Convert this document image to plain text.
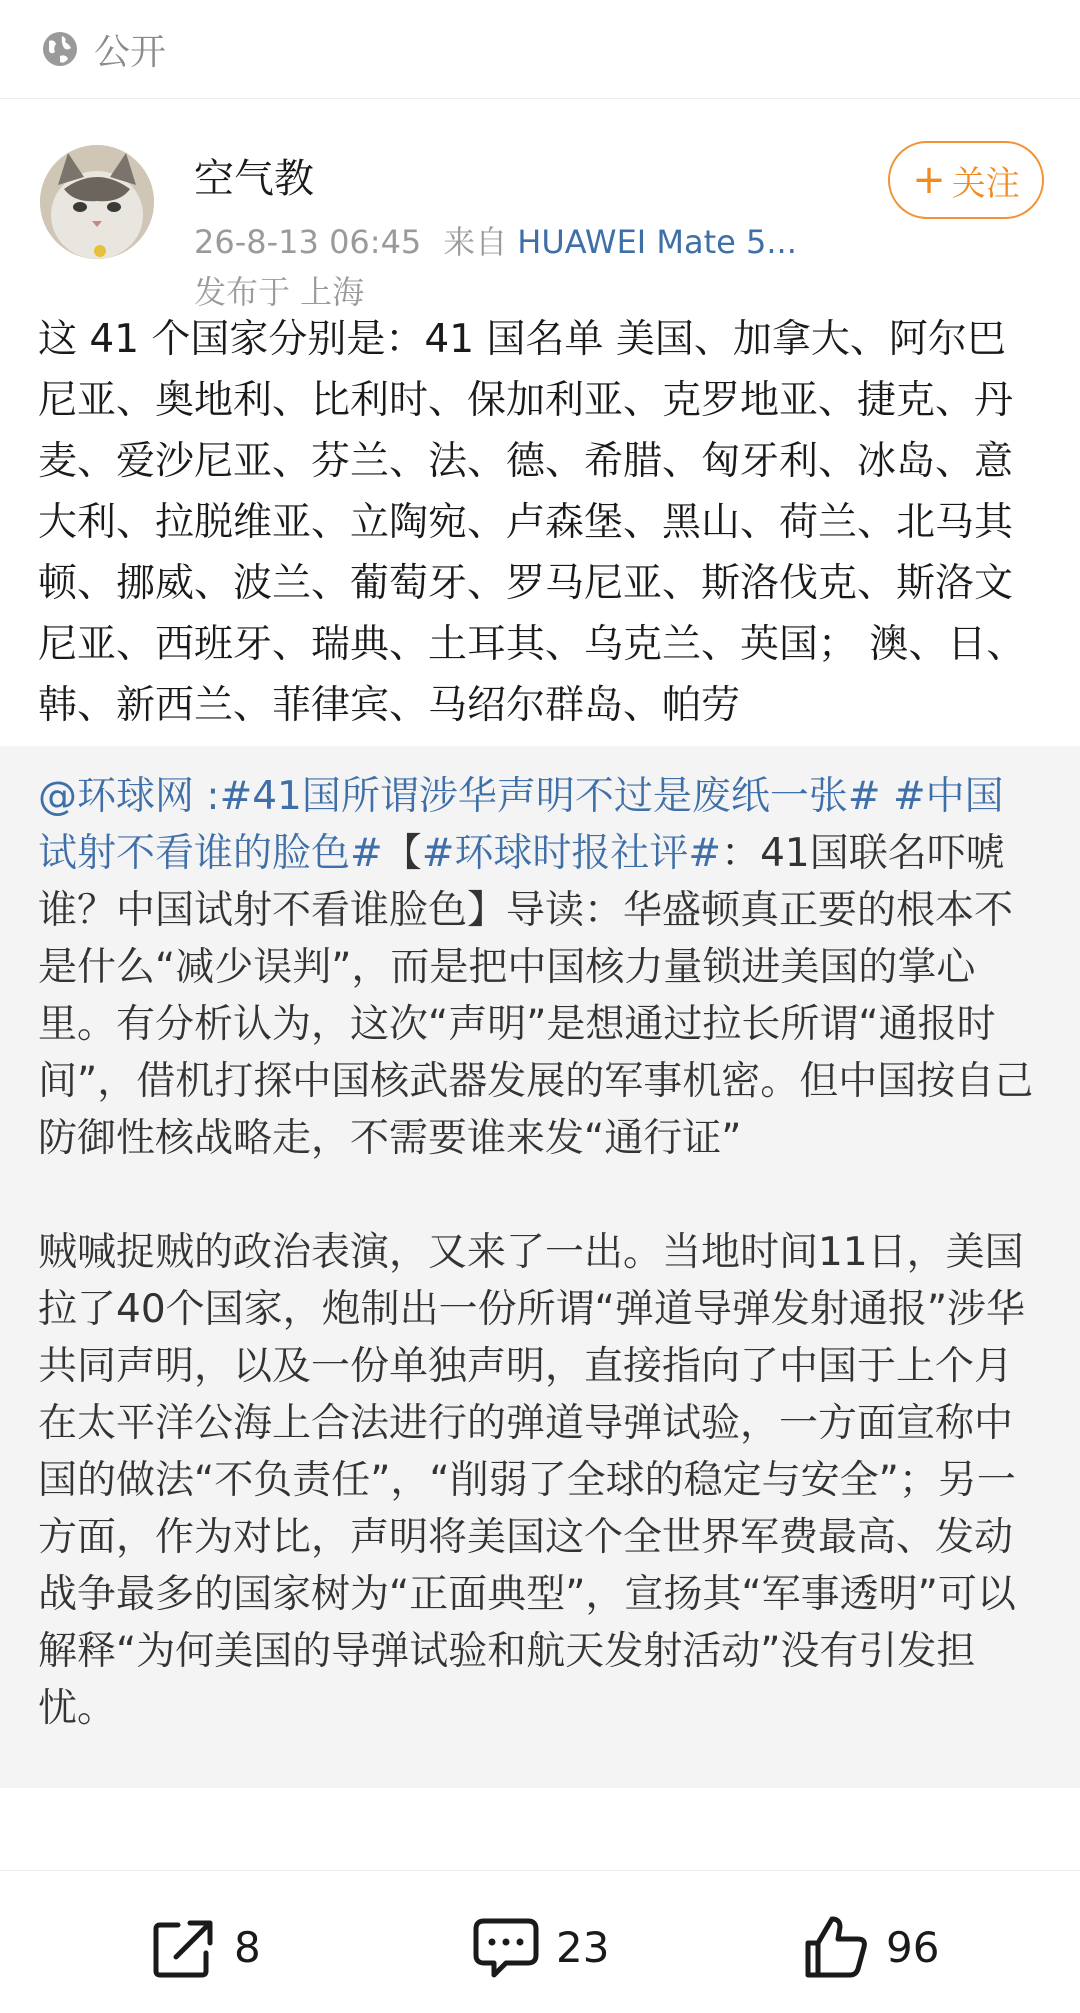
公开
空气教
26-8-13 06:45 来自 HUAWEI Mate 5...
发布于 上海
+ 关注
这 41 个国家分别是：41 国名单 美国、加拿大、阿尔巴尼亚、奥地利、比利时、保加利亚、克罗地亚、捷克、丹麦、爱沙尼亚、芬兰、法、德、希腊、匈牙利、冰岛、意大利、拉脱维亚、立陶宛、卢森堡、黑山、荷兰、北马其顿、挪威、波兰、葡萄牙、罗马尼亚、斯洛伐克、斯洛文尼亚、西班牙、瑞典、土耳其、乌克兰、英国； 澳、日、韩、新西兰、菲律宾、马绍尔群岛、帕劳

@环球网 :#41国所谓涉华声明不过是废纸一张# #中国试射不看谁的脸色#【#环球时报社评#：41国联名吓唬谁？中国试射不看谁脸色】导读：华盛顿真正要的根本不是什么“减少误判”，而是把中国核力量锁进美国的掌心里。有分析认为，这次“声明”是想通过拉长所谓“通报时间”，借机打探中国核武器发展的军事机密。但中国按自己防御性核战略走，不需要谁来发“通行证”

贼喊捉贼的政治表演，又来了一出。当地时间11日，美国拉了40个国家，炮制出一份所谓“弹道导弹发射通报”涉华共同声明，以及一份单独声明，直接指向了中国于上个月在太平洋公海上合法进行的弹道导弹试验，一方面宣称中国的做法“不负责任”，“削弱了全球的稳定与安全”；另一方面，作为对比，声明将美国这个全世界军费最高、发动战争最多的国家树为“正面典型”，宣扬其“军事透明”可以解释“为何美国的导弹试验和航天发射活动”没有引发担忧。

8	23	96
